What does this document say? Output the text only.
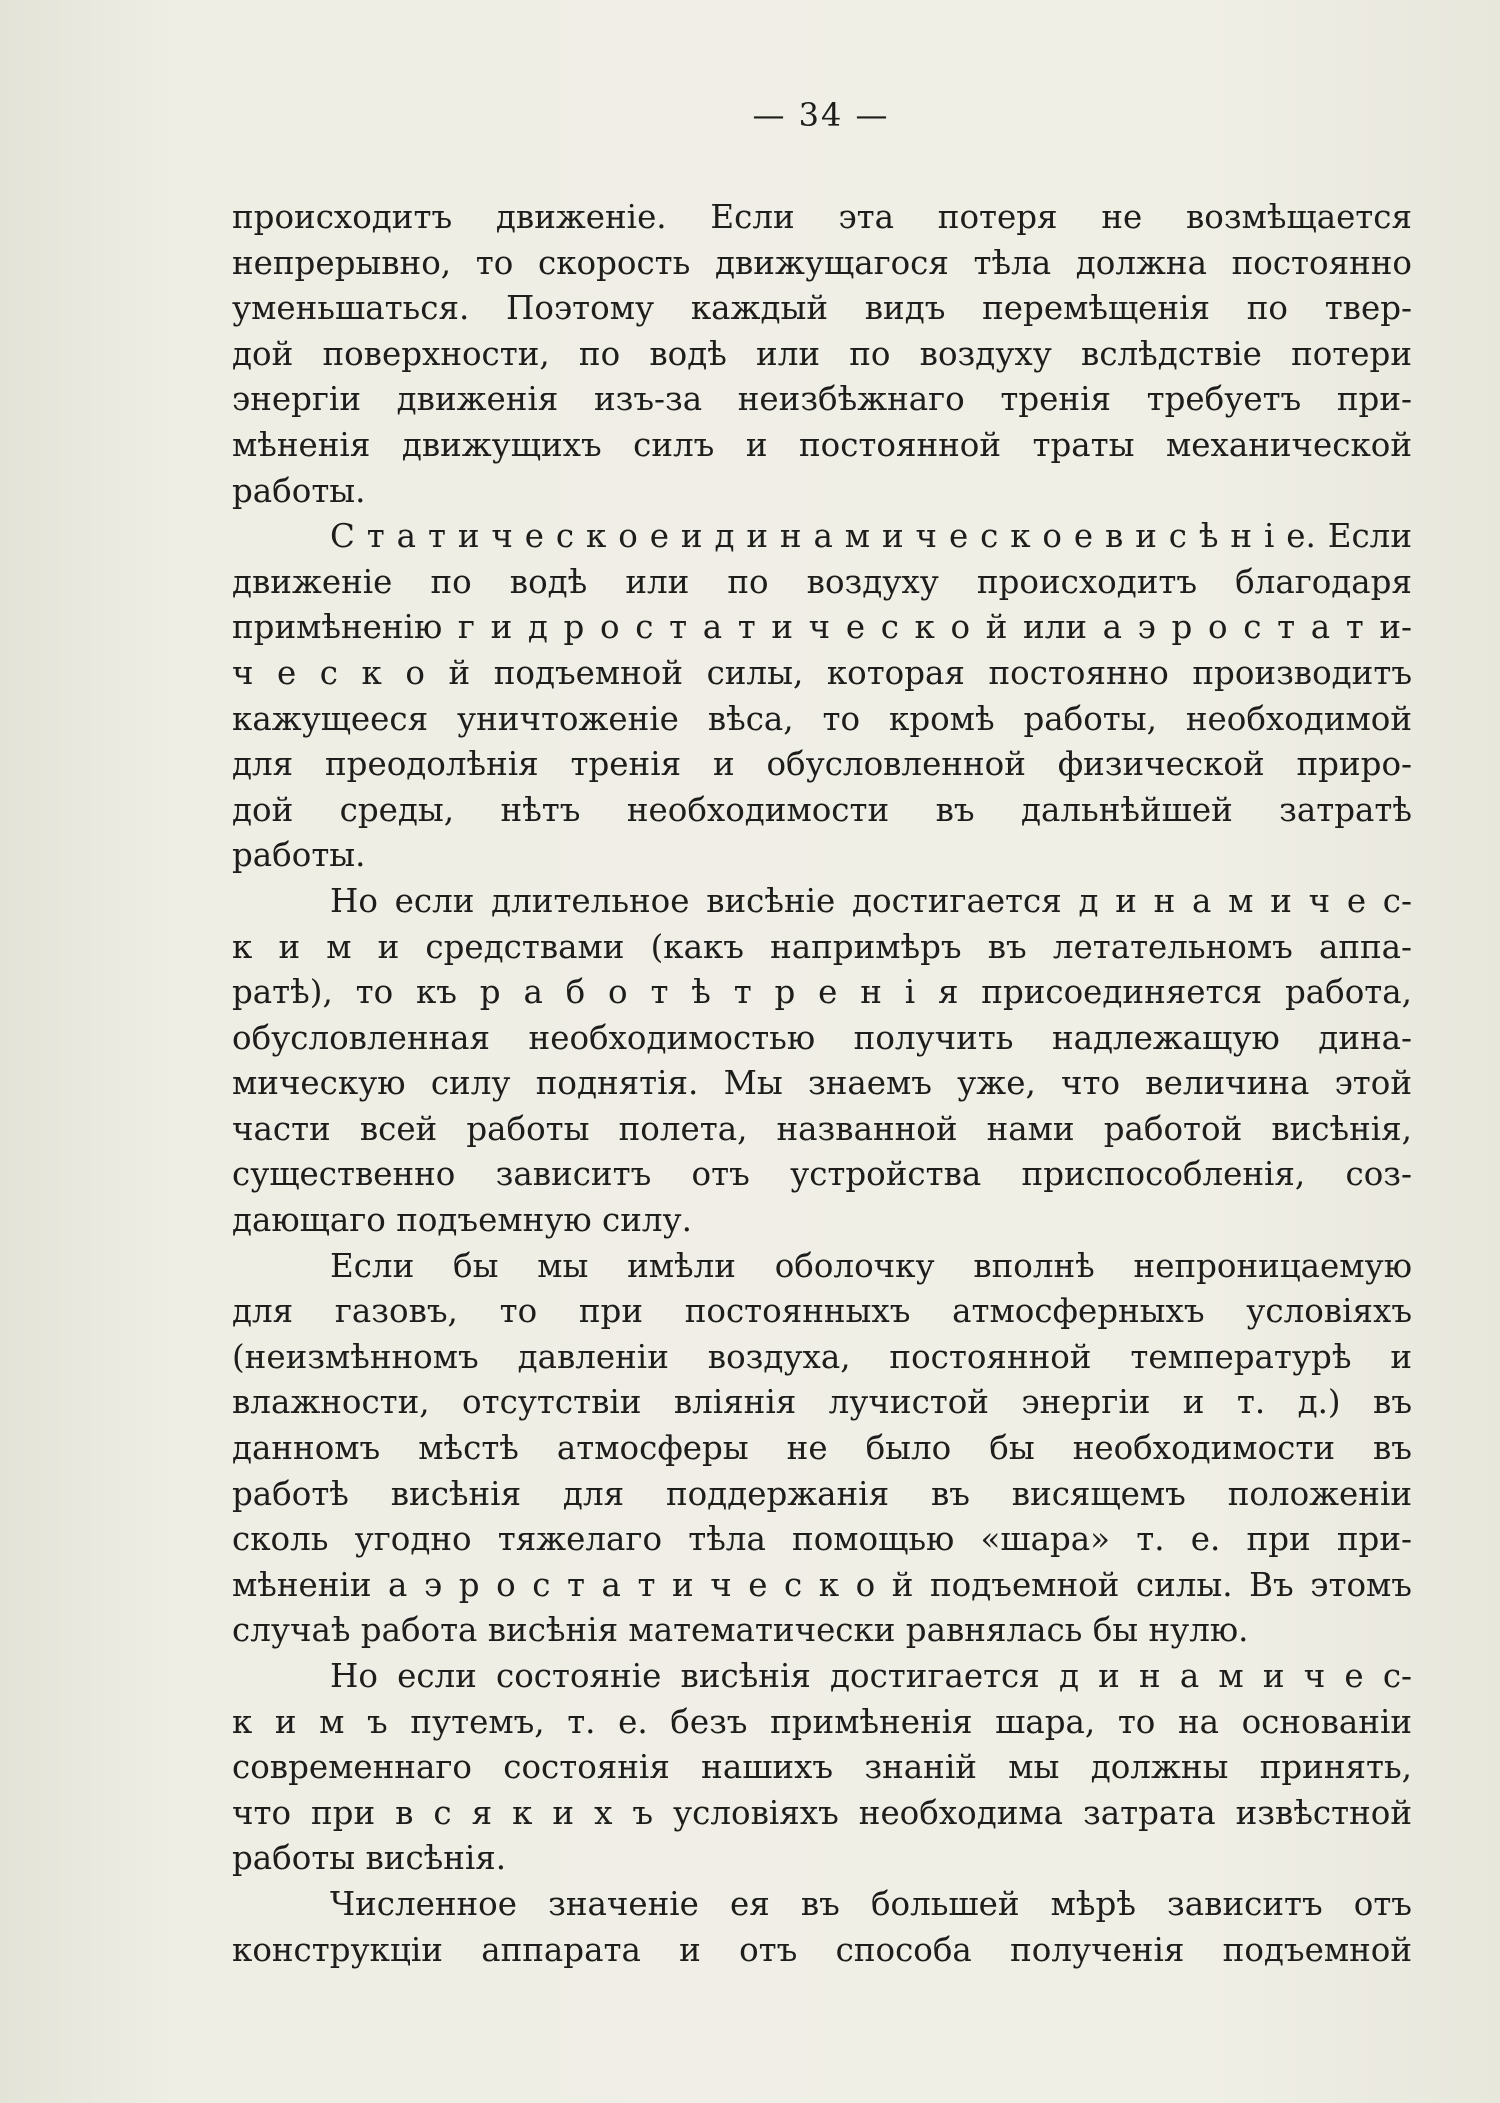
— 34 —
происходитъ движеніе. Если эта потеря не возмѣщается
непрерывно, то скорость движущагося тѣла должна постоянно
уменьшаться. Поэтому каждый видъ перемѣщенія по твер-
дой поверхности, по водѣ или по воздуху вслѣдствіе потери
энергіи движенія изъ-за неизбѣжнаго тренія требуетъ при-
мѣненія движущихъ силъ и постоянной траты механической
работы.
С т а т и ч е с к о е и д и н а м и ч е с к о е в и с ѣ н і е. Если
движеніе по водѣ или по воздуху происходитъ благодаря
примѣненію г и д р о с т а т и ч е с к о й или а э р о с т а т и-
ч е с к о й подъемной силы, которая постоянно производитъ
кажущееся уничтоженіе вѣса, то кромѣ работы, необходимой
для преодолѣнія тренія и обусловленной физической приро-
дой среды, нѣтъ необходимости въ дальнѣйшей затратѣ
работы.
Но если длительное висѣніе достигается д и н а м и ч е с-
к и м и средствами (какъ напримѣръ въ летательномъ аппа-
ратѣ), то къ р а б о т ѣ т р е н і я присоединяется работа,
обусловленная необходимостью получить надлежащую дина-
мическую силу поднятія. Мы знаемъ уже, что величина этой
части всей работы полета, названной нами работой висѣнія,
существенно зависитъ отъ устройства приспособленія, соз-
дающаго подъемную силу.
Если бы мы имѣли оболочку вполнѣ непроницаемую
для газовъ, то при постоянныхъ атмосферныхъ условіяхъ
(неизмѣнномъ давленіи воздуха, постоянной температурѣ и
влажности, отсутствіи вліянія лучистой энергіи и т. д.) въ
данномъ мѣстѣ атмосферы не было бы необходимости въ
работѣ висѣнія для поддержанія въ висящемъ положеніи
сколь угодно тяжелаго тѣла помощью «шара» т. е. при при-
мѣненіи а э р о с т а т и ч е с к о й подъемной силы. Въ этомъ
случаѣ работа висѣнія математически равнялась бы нулю.
Но если состояніе висѣнія достигается д и н а м и ч е с-
к и м ъ путемъ, т. е. безъ примѣненія шара, то на основаніи
современнаго состоянія нашихъ знаній мы должны принять,
что при в с я к и х ъ условіяхъ необходима затрата извѣстной
работы висѣнія.
Численное значеніе ея въ большей мѣрѣ зависитъ отъ
конструкціи аппарата и отъ способа полученія подъемной
